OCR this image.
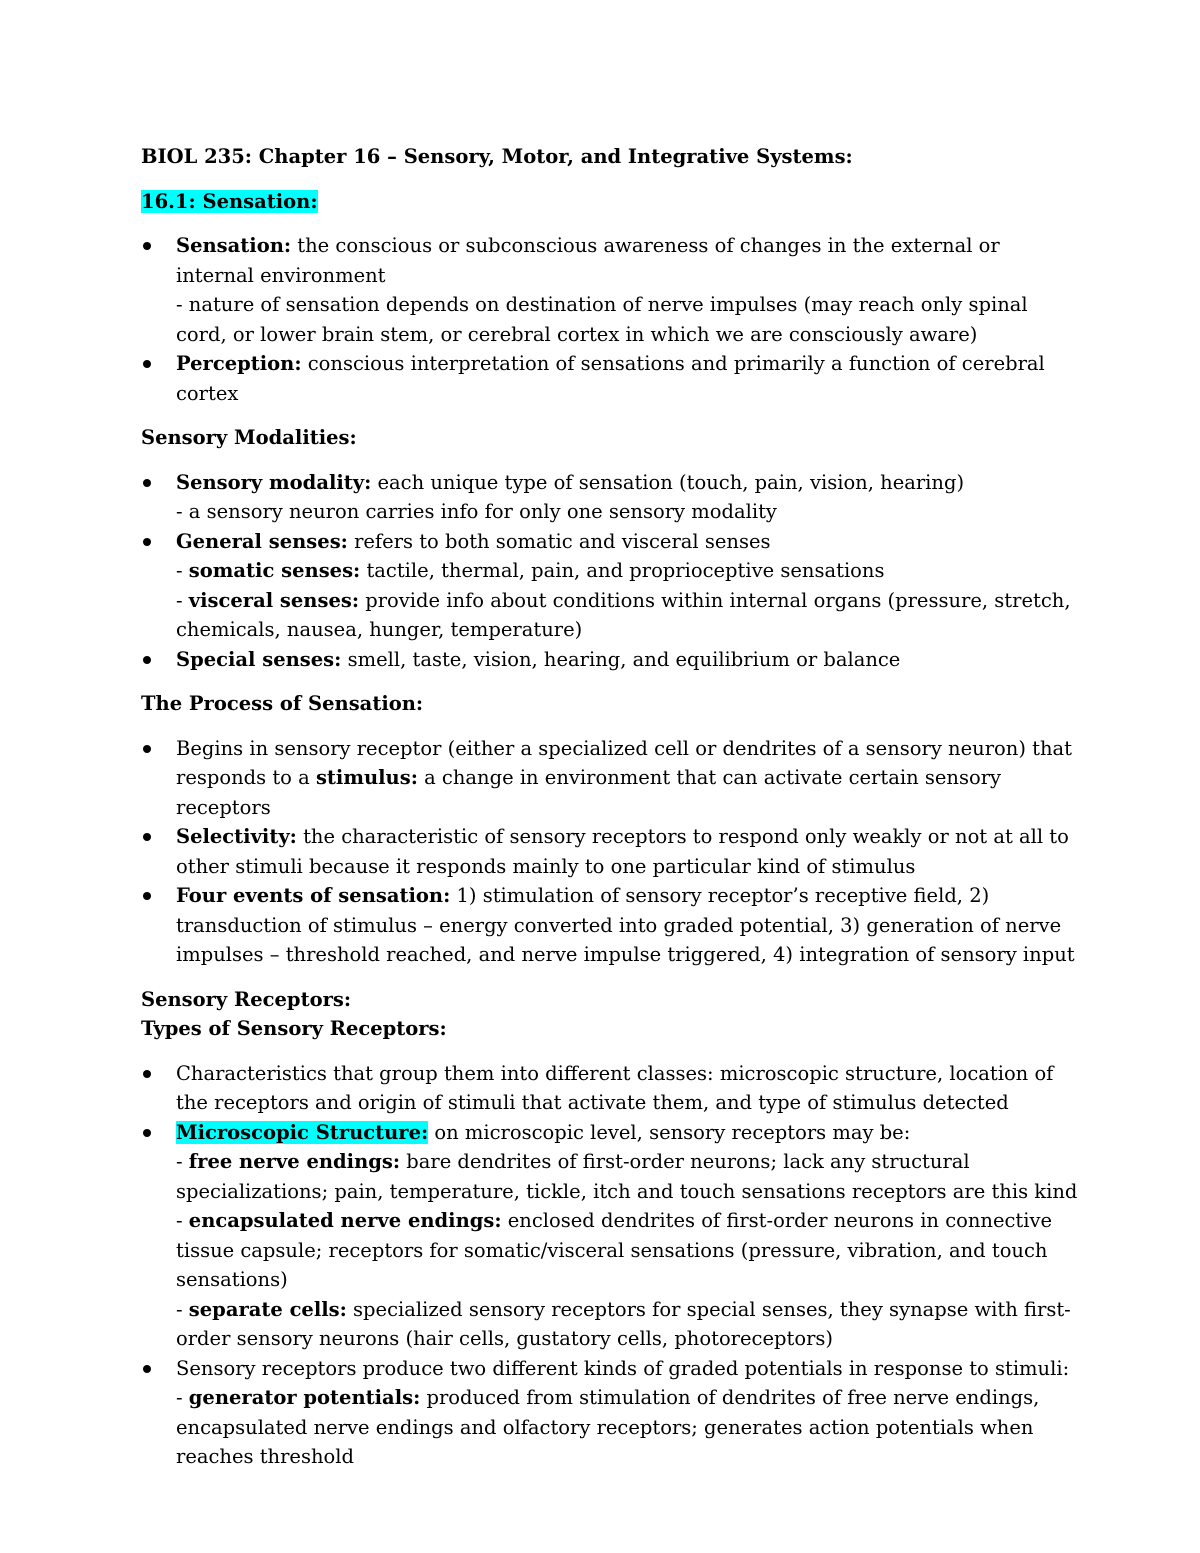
BIOL 235: Chapter 16 – Sensory, Motor, and Integrative Systems:
16.1: Sensation:
Sensation: the conscious or subconscious awareness of changes in the external or internal environment
- nature of sensation depends on destination of nerve impulses (may reach only spinal cord, or lower brain stem, or cerebral cortex in which we are consciously aware)
Perception: conscious interpretation of sensations and primarily a function of cerebral cortex
Sensory Modalities:
Sensory modality: each unique type of sensation (touch, pain, vision, hearing)
- a sensory neuron carries info for only one sensory modality
General senses: refers to both somatic and visceral senses
- somatic senses: tactile, thermal, pain, and proprioceptive sensations
- visceral senses: provide info about conditions within internal organs (pressure, stretch, chemicals, nausea, hunger, temperature)
Special senses: smell, taste, vision, hearing, and equilibrium or balance
The Process of Sensation:
Begins in sensory receptor (either a specialized cell or dendrites of a sensory neuron) that responds to a stimulus: a change in environment that can activate certain sensory receptors
Selectivity: the characteristic of sensory receptors to respond only weakly or not at all to other stimuli because it responds mainly to one particular kind of stimulus
Four events of sensation: 1) stimulation of sensory receptor’s receptive field, 2) transduction of stimulus – energy converted into graded potential, 3) generation of nerve impulses – threshold reached, and nerve impulse triggered, 4) integration of sensory input
Sensory Receptors:
Types of Sensory Receptors:
Characteristics that group them into different classes: microscopic structure, location of the receptors and origin of stimuli that activate them, and type of stimulus detected
Microscopic Structure: on microscopic level, sensory receptors may be:
- free nerve endings: bare dendrites of first-order neurons; lack any structural specializations; pain, temperature, tickle, itch and touch sensations receptors are this kind
- encapsulated nerve endings: enclosed dendrites of first-order neurons in connective tissue capsule; receptors for somatic/visceral sensations (pressure, vibration, and touch sensations)
- separate cells: specialized sensory receptors for special senses, they synapse with first-order sensory neurons (hair cells, gustatory cells, photoreceptors)
Sensory receptors produce two different kinds of graded potentials in response to stimuli:
- generator potentials: produced from stimulation of dendrites of free nerve endings, encapsulated nerve endings and olfactory receptors; generates action potentials when reaches threshold
